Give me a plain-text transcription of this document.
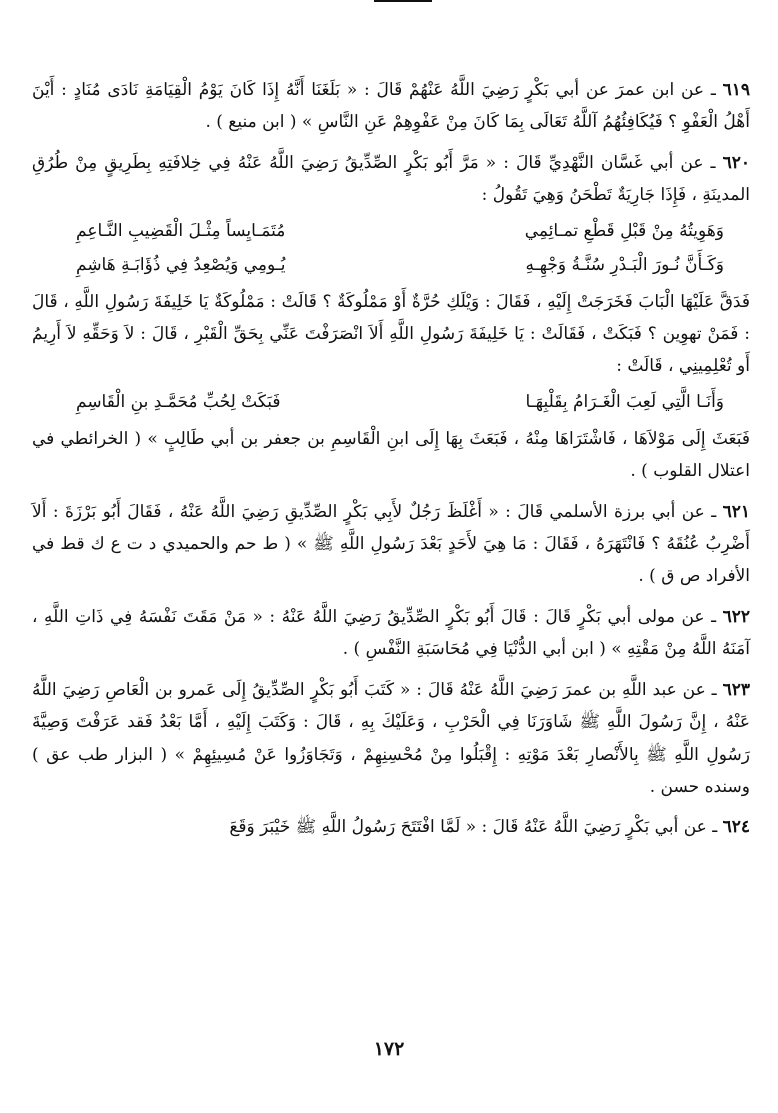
٦١٩ ـ عن ابن عمرَ عن أبي بَكْرٍ رَضِيَ اللَّهُ عَنْهُمْ قَالَ : « بَلَغَنَا أَنَّهُ إِذَا كَانَ يَوْمُ الْقِيَامَةِ نَادَى مُنَادٍ : أَيْنَ أَهْلُ الْعَفْوِ ؟ فَيُكَافِئُهُمُ آللَّهُ تَعَالَى بِمَا كَانَ مِنْ عَفْوِهِمْ عَنِ النَّاسِ » ( ابن منيع ) .

٦٢٠ ـ عن أبي غَسَّان النَّهْدِيِّ قَالَ : « مَرَّ أَبُو بَكْرٍ الصِّدِّيقُ رَضِيَ اللَّهُ عَنْهُ فِي خِلافَتِهِ بِطَرِيقٍ مِنْ طُرُقِ المدينَةِ ، فَإِذَا جَارِيَةٌ تَطْحَنُ وَهِيَ تَقُولُ :

وَهَوِيتُهُ مِنْ قَبْلِ قَطْعِ تمـائِمِي
مُتَمَـايِساً مِثْـلَ الْقَضِيبِ النَّـاعِمِ
وَكَـأَنَّ نُـورَ الْبَـدْرِ سُنَّـةُ وَجْهِـهِ
يُـومِي وَيُصْعِدُ فِي ذُؤَابَـةِ هَاشِمِ

فَدَقَّ عَلَيْهَا الْبَابَ فَخَرَجَتْ إِلَيْهِ ، فَقَالَ : وَيْلَكِ حُرَّةٌ أَوْ مَمْلُوكَةٌ ؟ قَالَتْ : مَمْلُوكَةٌ يَا خَلِيفَةَ رَسُولِ اللَّهِ ، قَالَ : فَمَنْ تهوِين ؟ فَبَكَتْ ، فَقَالَتْ : يَا خَلِيفَةَ رَسُولِ اللَّهِ أَلاَ انْصَرَفْتَ عَنِّي بِحَقِّ الْقَبْرِ ، قَالَ : لاَ وَحَقِّهِ لاَ أَرِيمُ أَو تُعْلِمِينِي ، قَالَتْ :

وَأَنَـا الَّتِي لَعِبَ الْغَـرَامُ بِقَلْبِهَـا
فَبَكَتْ لِحُبِّ مُحَمَّـدِ بنِ الْقَاسِمِ

فَبَعَثَ إِلَى مَوْلاَهَا ، فَاشْتَرَاهَا مِنْهُ ، فَبَعَثَ بِهَا إِلَى ابنِ الْقَاسِمِ بن جعفر بن أبي طَالِبٍ » ( الخرائطي في اعتلال القلوب ) .

٦٢١ ـ عن أبي برزة الأسلمي قَالَ : « أَغْلَظَ رَجُلٌ لأَبِي بَكْرٍ الصِّدِّيقِ رَضِيَ اللَّهُ عَنْهُ ، فَقَالَ أَبُو بَرْزَةَ : أَلاَ أَضْرِبُ عُنُقَهُ ؟ فَانْتَهَرَهُ ، فَقَالَ : مَا هِيَ لأَحَدٍ بَعْدَ رَسُولِ اللَّهِ ﷺ » ( ط حم والحميدي د ت ع ك قط في الأفراد ص ق ) .

٦٢٢ ـ عن مولى أبي بَكْرٍ قَالَ : قَالَ أَبُو بَكْرٍ الصِّدِّيقُ رَضِيَ اللَّهُ عَنْهُ : « مَنْ مَقَتَ نَفْسَهُ فِي ذَاتِ اللَّهِ ، آمَنَهُ اللَّهُ مِنْ مَقْتِهِ » ( ابن أبي الدُّنْيَا فِي مُحَاسَبَةِ النَّفْسِ ) .

٦٢٣ ـ عن عبد اللَّهِ بن عمرَ رَضِيَ اللَّهُ عَنْهُ قَالَ : « كَتَبَ أَبُو بَكْرٍ الصِّدِّيقُ إِلَى عَمرو بن الْعَاصِ رَضِيَ اللَّهُ عَنْهُ ، إِنَّ رَسُولَ اللَّهِ ﷺ شَاوَرَنَا فِي الْحَرْبِ ، وَعَلَيْكَ بِهِ ، قَالَ : وَكَتَبَ إِلَيْهِ ، أَمَّا بَعْدُ فَقد عَرَفْتَ وَصِيَّةَ رَسُولِ اللَّهِ ﷺ بِالأَنْصارِ بَعْدَ مَوْتِهِ : إِقْبَلُوا مِنْ مُحْسِنِهِمْ ، وَتَجَاوَزُوا عَنْ مُسِيئِهِمْ » ( البزار طب عق ) وسنده حسن .

٦٢٤ ـ عن أبي بَكْرٍ رَضِيَ اللَّهُ عَنْهُ قَالَ : « لَمَّا افْتَتَحَ رَسُولُ اللَّهِ ﷺ خَيْبَرَ وَقَعَ

١٧٢
